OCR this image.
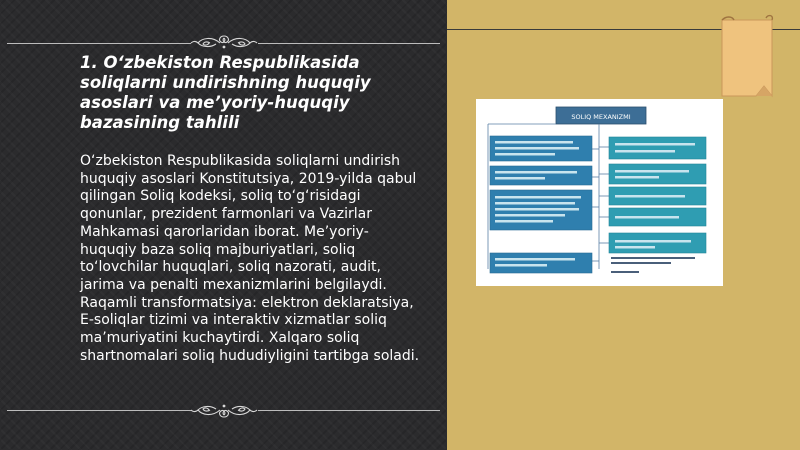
1. O‘zbekiston Respublikasida soliqlarni undirishning huquqiy asoslari va me’yoriy-huquqiy bazasining tahlili

O‘zbekiston Respublikasida soliqlarni undirish huquqiy asoslari Konstitutsiya, 2019-yilda qabul qilingan Soliq kodeksi, soliq to‘g‘risidagi qonunlar, prezident farmonlari va Vazirlar Mahkamasi qarorlaridan iborat. Me’yoriy-huquqiy baza soliq majburiyatlari, soliq to‘lovchilar huquqlari, soliq nazorati, audit, jarima va penalti mexanizmlarini belgilaydi. Raqamli transformatsiya: elektron deklaratsiya, E-soliqlar tizimi va interaktiv xizmatlar soliq ma’muriyatini kuchaytirdi. Xalqaro soliq shartnomalari soliq hududiyligini tartibga soladi.

SOLIQ MEXANIZMI
